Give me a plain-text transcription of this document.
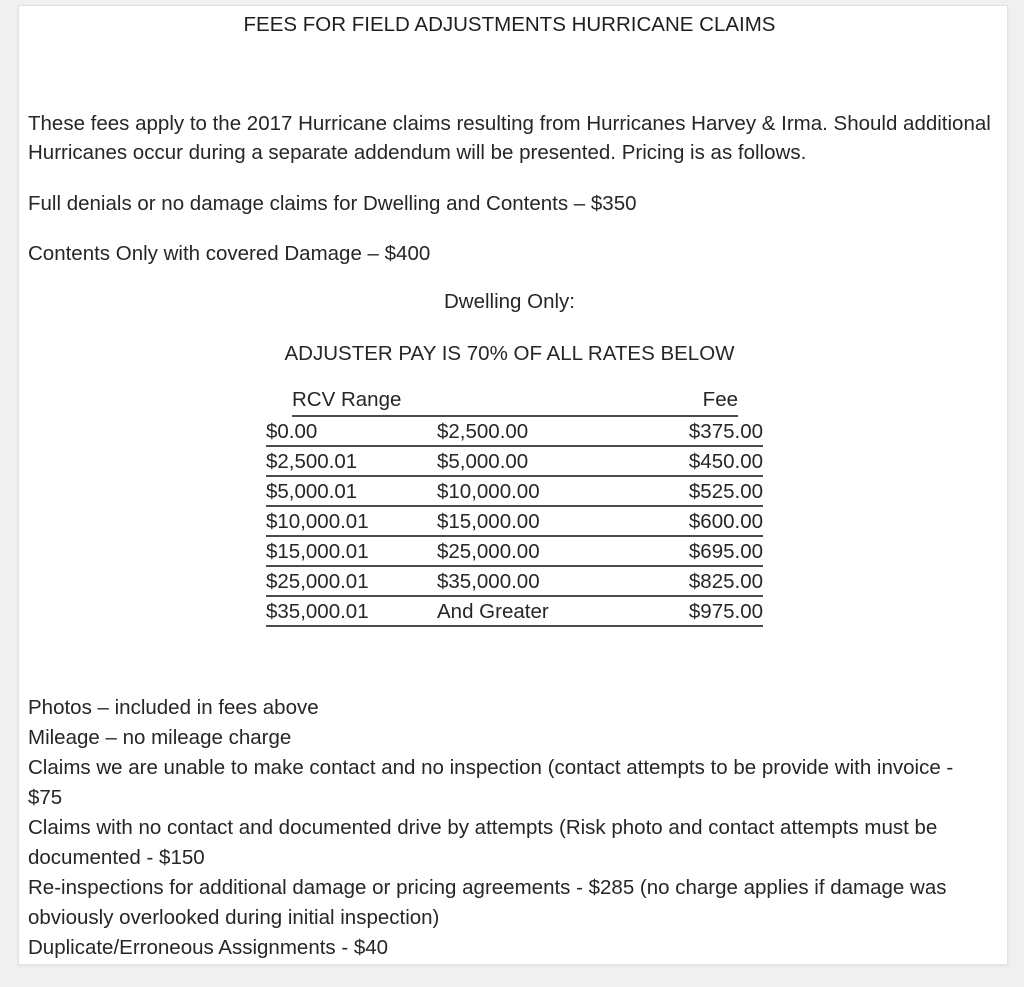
FEES FOR FIELD ADJUSTMENTS HURRICANE CLAIMS

These fees apply to the 2017 Hurricane claims resulting from Hurricanes Harvey & Irma. Should additional Hurricanes occur during a separate addendum will be presented. Pricing is as follows.

Full denials or no damage claims for Dwelling and Contents – $350

Contents Only with covered Damage – $400

Dwelling Only:

ADJUSTER PAY IS 70% OF ALL RATES BELOW

RCV Range	Fee
$0.00	$2,500.00	$375.00
$2,500.01	$5,000.00	$450.00
$5,000.01	$10,000.00	$525.00
$10,000.01	$15,000.00	$600.00
$15,000.01	$25,000.00	$695.00
$25,000.01	$35,000.00	$825.00
$35,000.01	And Greater	$975.00

Photos – included in fees above

Mileage – no mileage charge

Claims we are unable to make contact and no inspection (contact attempts to be provide with invoice - $75

Claims with no contact and documented drive by attempts (Risk photo and contact attempts must be documented - $150

Re-inspections for additional damage or pricing agreements - $285 (no charge applies if damage was obviously overlooked during initial inspection)

Duplicate/Erroneous Assignments - $40
